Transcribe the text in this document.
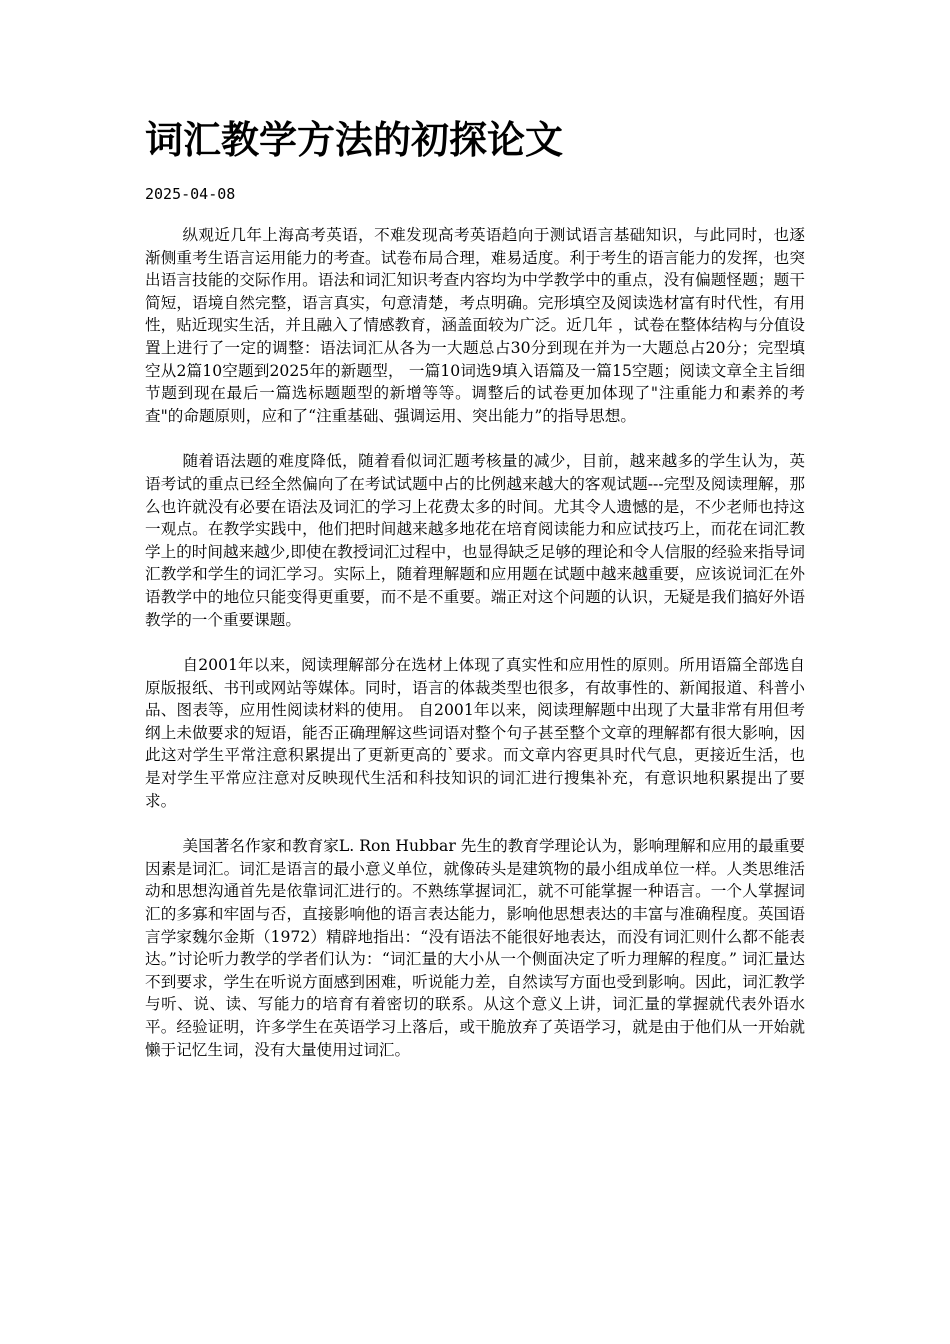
词汇教学方法的初探论文
2025-04-08

纵观近几年上海高考英语，不难发现高考英语趋向于测试语言基础知识，与此同时，也逐渐侧重考生语言运用能力的考查。试卷布局合理，难易适度。利于考生的语言能力的发挥，也突出语言技能的交际作用。语法和词汇知识考查内容均为中学教学中的重点，没有偏题怪题；题干简短，语境自然完整，语言真实，句意清楚，考点明确。完形填空及阅读选材富有时代性，有用性，贴近现实生活，并且融入了情感教育，涵盖面较为广泛。近几年 ，试卷在整体结构与分值设置上进行了一定的调整：语法词汇从各为一大题总占30分到现在并为一大题总占20分；完型填空从2篇10空题到2025年的新题型， 一篇10词选9填入语篇及一篇15空题；阅读文章全主旨细节题到现在最后一篇选标题题型的新增等等。调整后的试卷更加体现了"注重能力和素养的考查"的命题原则，应和了“注重基础、强调运用、突出能力”的指导思想。

随着语法题的难度降低，随着看似词汇题考核量的减少，目前，越来越多的学生认为，英语考试的重点已经全然偏向了在考试试题中占的比例越来越大的客观试题---完型及阅读理解，那么也许就没有必要在语法及词汇的学习上花费太多的时间。尤其令人遗憾的是，不少老师也持这一观点。在教学实践中，他们把时间越来越多地花在培育阅读能力和应试技巧上，而花在词汇教学上的时间越来越少,即使在教授词汇过程中，也显得缺乏足够的理论和令人信服的经验来指导词汇教学和学生的词汇学习。实际上，随着理解题和应用题在试题中越来越重要，应该说词汇在外语教学中的地位只能变得更重要，而不是不重要。端正对这个问题的认识，无疑是我们搞好外语教学的一个重要课题。

自2001年以来，阅读理解部分在选材上体现了真实性和应用性的原则。所用语篇全部选自原版报纸、书刊或网站等媒体。同时，语言的体裁类型也很多，有故事性的、新闻报道、科普小品、图表等，应用性阅读材料的使用。 自2001年以来，阅读理解题中出现了大量非常有用但考纲上未做要求的短语，能否正确理解这些词语对整个句子甚至整个文章的理解都有很大影响，因此这对学生平常注意积累提出了更新更高的`要求。而文章内容更具时代气息，更接近生活，也是对学生平常应注意对反映现代生活和科技知识的词汇进行搜集补充，有意识地积累提出了要求。

美国著名作家和教育家L. Ron Hubbar 先生的教育学理论认为，影响理解和应用的最重要因素是词汇。词汇是语言的最小意义单位，就像砖头是建筑物的最小组成单位一样。人类思维活动和思想沟通首先是依靠词汇进行的。不熟练掌握词汇，就不可能掌握一种语言。一个人掌握词汇的多寡和牢固与否，直接影响他的语言表达能力，影响他思想表达的丰富与准确程度。英国语言学家魏尔金斯（1972）精辟地指出：“没有语法不能很好地表达，而没有词汇则什么都不能表达。”讨论听力教学的学者们认为：“词汇量的大小从一个侧面决定了听力理解的程度。” 词汇量达不到要求，学生在听说方面感到困难，听说能力差，自然读写方面也受到影响。因此，词汇教学与听、说、读、写能力的培育有着密切的联系。从这个意义上讲，词汇量的掌握就代表外语水平。经验证明，许多学生在英语学习上落后，或干脆放弃了英语学习，就是由于他们从一开始就懒于记忆生词，没有大量使用过词汇。
